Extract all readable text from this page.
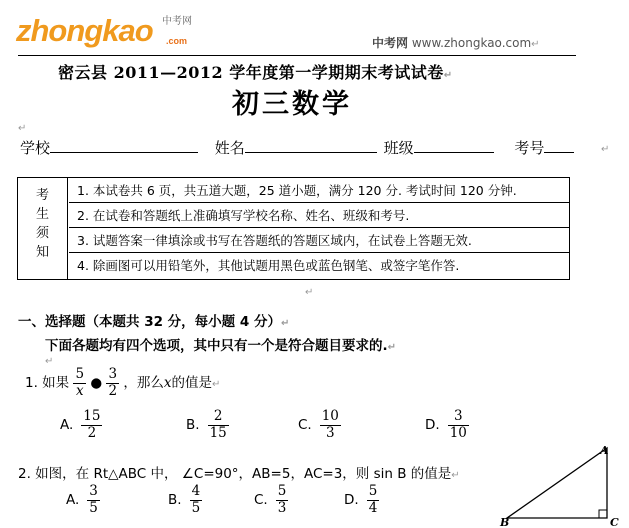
zhongkao 中考网
.com	中考网 www.zhongkao.com↵
密云县 2011—2012 学年度第一学期期末考试试卷↵
初三数学
↵
学校	姓名	班级	考号	↵
考
生
须
知
1. 本试卷共 6 页，共五道大题，25 道小题，满分 120 分. 考试时间 120 分钟.
2. 在试卷和答题纸上准确填写学校名称、姓名、班级和考号.
3. 试题答案一律填涂或书写在答题纸的答题区域内，在试卷上答题无效.
4. 除画图可以用铅笔外，其他试题用黑色或蓝色钢笔、或签字笔作答.
↵
一、选择题（本题共 32 分，每小题 4 分）↵
下面各题均有四个选项，其中只有一个是符合题目要求的.↵
↵
1. 如果 $\frac{5}{x}$ ● $\frac{3}{2}$ ，那么x的值是↵
A. $\frac{15}{2}$	B. $\frac{2}{15}$	C. $\frac{10}{3}$	D. $\frac{3}{10}$
2. 如图，在 Rt△ABC 中， ∠C=90°，AB=5，AC=3，则 sin B 的值是↵
A. $\frac{3}{5}$	B. $\frac{4}{5}$	C. $\frac{5}{3}$	D. $\frac{5}{4}$
A
B	C
